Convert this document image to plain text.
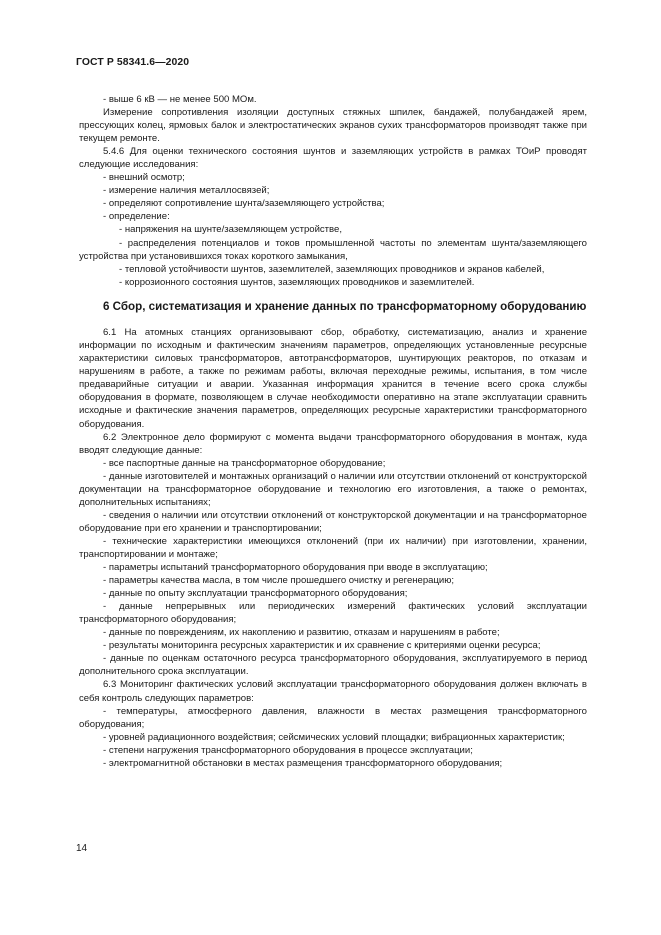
ГОСТ Р 58341.6—2020
- выше 6 кВ — не менее 500 МОм.
Измерение сопротивления изоляции доступных стяжных шпилек, бандажей, полубандажей ярем, прессующих колец, ярмовых балок и электростатических экранов сухих трансформаторов производят также при текущем ремонте.
5.4.6 Для оценки технического состояния шунтов и заземляющих устройств в рамках ТОиР проводят следующие исследования:
- внешний осмотр;
- измерение наличия металлосвязей;
- определяют сопротивление шунта/заземляющего устройства;
- определение:
- напряжения на шунте/заземляющем устройстве,
- распределения потенциалов и токов промышленной частоты по элементам шунта/заземляющего устройства при установившихся токах короткого замыкания,
- тепловой устойчивости шунтов, заземлителей, заземляющих проводников и экранов кабелей,
- коррозионного состояния шунтов, заземляющих проводников и заземлителей.
6 Сбор, систематизация и хранение данных по трансформаторному оборудованию
6.1 На атомных станциях организовывают сбор, обработку, систематизацию, анализ и хранение информации по исходным и фактическим значениям параметров, определяющих установленные ресурсные характеристики силовых трансформаторов, автотрансформаторов, шунтирующих реакторов, по отказам и нарушениям в работе, а также по режимам работы, включая переходные режимы, испытания, в том числе предаварийные ситуации и аварии. Указанная информация хранится в течение всего срока службы оборудования в формате, позволяющем в случае необходимости оперативно на этапе эксплуатации сравнить исходные и фактические значения параметров, определяющих ресурсные характеристики трансформаторного оборудования.
6.2 Электронное дело формируют с момента выдачи трансформаторного оборудования в монтаж, куда вводят следующие данные:
- все паспортные данные на трансформаторное оборудование;
- данные изготовителей и монтажных организаций о наличии или отсутствии отклонений от конструкторской документации на трансформаторное оборудование и технологию его изготовления, а также о ремонтах, дополнительных испытаниях;
- сведения о наличии или отсутствии отклонений от конструкторской документации и на трансформаторное оборудование при его хранении и транспортировании;
- технические характеристики имеющихся отклонений (при их наличии) при изготовлении, хранении, транспортировании и монтаже;
- параметры испытаний трансформаторного оборудования при вводе в эксплуатацию;
- параметры качества масла, в том числе прошедшего очистку и регенерацию;
- данные по опыту эксплуатации трансформаторного оборудования;
- данные непрерывных или периодических измерений фактических условий эксплуатации трансформаторного оборудования;
- данные по повреждениям, их накоплению и развитию, отказам и нарушениям в работе;
- результаты мониторинга ресурсных характеристик и их сравнение с критериями оценки ресурса;
- данные по оценкам остаточного ресурса трансформаторного оборудования, эксплуатируемого в период дополнительного срока эксплуатации.
6.3 Мониторинг фактических условий эксплуатации трансформаторного оборудования должен включать в себя контроль следующих параметров:
- температуры, атмосферного давления, влажности в местах размещения трансформаторного оборудования;
- уровней радиационного воздействия; сейсмических условий площадки; вибрационных характеристик;
- степени нагружения трансформаторного оборудования в процессе эксплуатации;
- электромагнитной обстановки в местах размещения трансформаторного оборудования;
14
